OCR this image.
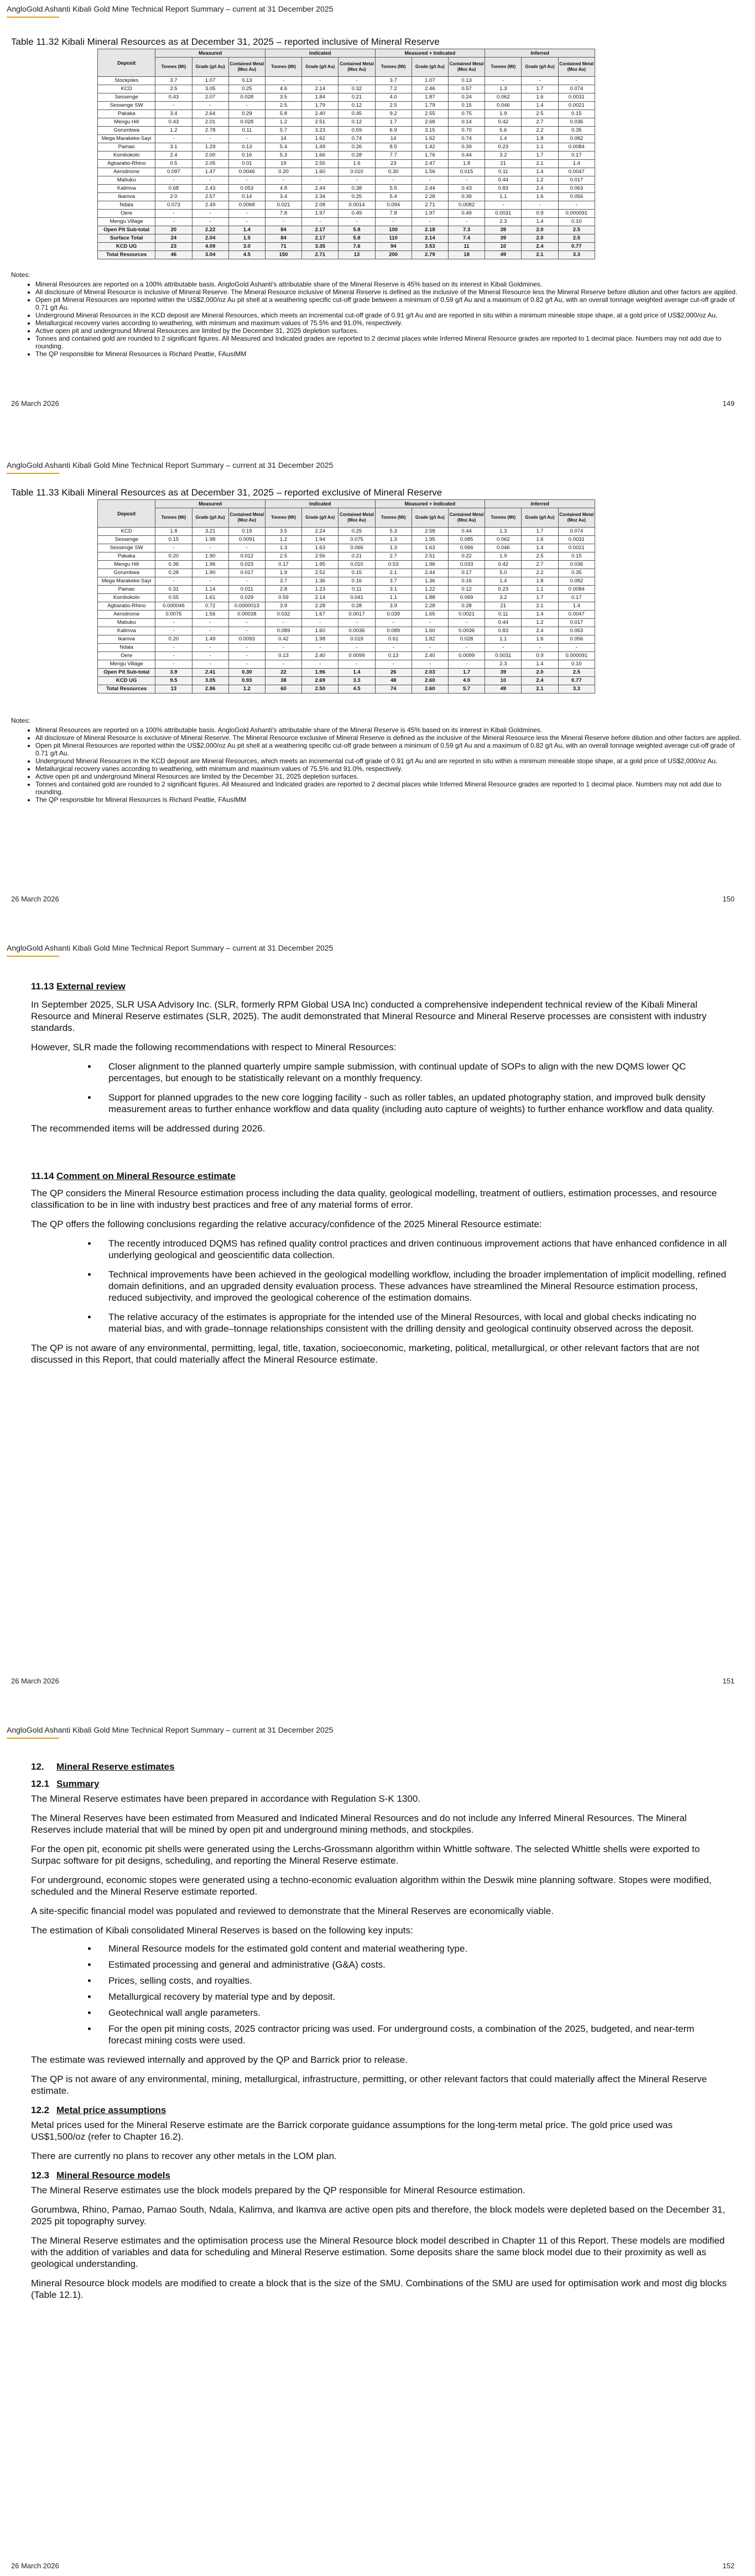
AngloGold Ashanti Kibali Gold Mine Technical Report Summary – current at 31 December 2025
Table 11.32 Kibali Mineral Resources as at December 31, 2025 – reported inclusive of Mineral Reserve
Deposit	Measured			Indicated			Measured + Indicated			Inferred		
	Tonnes (Mt)	Grade (g/t Au)	Contained Metal (Moz Au)	Tonnes (Mt)	Grade (g/t Au)	Contained Metal (Moz Au)	Tonnes (Mt)	Grade (g/t Au)	Contained Metal (Moz Au)	Tonnes (Mt)	Grade (g/t Au)	Contained Metal (Moz Au)
Stockpiles	3.7	1.07	0.13	-	-	-	3.7	1.07	0.13	-	-	-
KCD	2.5	3.05	0.25	4.6	2.14	0.32	7.2	2.46	0.57	1.3	1.7	0.074
Sessenge	0.43	2.07	0.028	3.5	1.84	0.21	4.0	1.87	0.24	0.062	1.6	0.0031
Sessenge SW	-	-	-	2.5	1.79	0.12	2.5	1.79	0.15	0.046	1.4	0.0021
Pakaka	3.4	2.64	0.29	5.8	2.40	0.45	9.2	2.55	0.75	1.9	2.5	0.15
Mengu Hill	0.43	2.01	0.028	1.2	2.51	0.12	1.7	2.68	0.14	0.42	2.7	0.036
Gorumbwa	1.2	2.78	0.11	5.7	3.23	0.59	6.9	3.15	0.70	5.6	2.2	0.35
Mega Marakeke-Sayi	-	-	-	14	1.62	0.74	14	1.62	0.74	1.4	1.8	0.082
Pamao	3.1	1.29	0.13	5.4	1.49	0.26	8.5	1.42	0.39	0.23	1.1	0.0084
Kombokolo	2.4	2.00	0.16	5.3	1.66	0.28	7.7	1.76	0.44	3.2	1.7	0.17
Agbarabo-Rhino	0.5	2.05	0.01	19	2.55	1.6	23	2.47	1.8	21	2.1	1.4
Aerodrome	0.097	1.47	0.0046	0.20	1.60	0.010	0.30	1.56	0.015	0.11	1.4	0.0047
Mabuku	-	-	-	-	-	-	-	-	-	0.44	1.2	0.017
Kalimva	0.68	2.43	0.053	4.8	2.44	0.38	5.5	2.44	0.43	0.83	2.4	0.063
Ikamva	2.0	2.57	0.14	3.4	2.34	0.25	5.4	2.28	0.39	1.1	1.6	0.056
Ndala	0.073	2.49	0.0068	0.021	2.08	0.0014	0.094	2.71	0.0082	-	-	-
Oere	-	-	-	7.8	1.97	0.49	7.8	1.97	0.49	0.0031	0.9	0.000091
Mengu Village	-	-	-	-	-	-	-	-	-	2.3	1.4	0.10
Open Pit Sub-total	20	2.22	1.4	84	2.17	5.8	100	2.18	7.3	39	2.0	2.5
Surface Total	24	2.04	1.5	84	2.17	5.8	110	2.14	7.4	39	2.0	2.5
KCD UG	23	4.09	3.0	71	3.35	7.6	94	3.53	11	10	2.4	0.77
Total Resources	46	3.04	4.5	150	2.71	13	200	2.79	18	49	2.1	3.3
Notes:
• Mineral Resources are reported on a 100% attributable basis. AngloGold Ashanti's attributable share of the Mineral Reserve is 45% based on its interest in Kibali Goldmines.
• All disclosure of Mineral Resource is inclusive of Mineral Reserve. The Mineral Resource inclusive of Mineral Reserve is defined as the inclusive of the Mineral Resource less the Mineral Reserve before dilution and other factors are applied.
• Open pit Mineral Resources are reported within the US$2,000/oz Au pit shell at a weathering specific cut-off grade between a minimum of 0.59 g/t Au and a maximum of 0.82 g/t Au, with an overall tonnage weighted average cut-off grade of 0.71 g/t Au.
• Underground Mineral Resources in the KCD deposit are Mineral Resources, which meets an incremental cut-off grade of 0.91 g/t Au and are reported in situ within a minimum mineable stope shape, at a gold price of US$2,000/oz Au.
• Metallurgical recovery varies according to weathering, with minimum and maximum values of 75.5% and 91.0%, respectively.
• Active open pit and underground Mineral Resources are limited by the December 31, 2025 depletion surfaces.
• Tonnes and contained gold are rounded to 2 significant figures. All Measured and Indicated grades are reported to 2 decimal places while Inferred Mineral Resource grades are reported to 1 decimal place. Numbers may not add due to rounding.
• The QP responsible for Mineral Resources is Richard Peattie, FAusIMM
26 March 2026	149
AngloGold Ashanti Kibali Gold Mine Technical Report Summary – current at 31 December 2025
Table 11.33 Kibali Mineral Resources as at December 31, 2025 – reported exclusive of Mineral Reserve
Deposit	Measured			Indicated			Measured + Indicated			Inferred		
	Tonnes (Mt)	Grade (g/t Au)	Contained Metal (Moz Au)	Tonnes (Mt)	Grade (g/t Au)	Contained Metal (Moz Au)	Tonnes (Mt)	Grade (g/t Au)	Contained Metal (Moz Au)	Tonnes (Mt)	Grade (g/t Au)	Contained Metal (Moz Au)
KCD	1.8	3.21	0.19	3.5	2.24	0.25	5.3	2.58	0.44	1.3	1.7	0.074
Sessenge	0.15	1.98	0.0091	1.2	1.94	0.075	1.3	1.95	0.085	0.062	1.6	0.0031
Sessenge SW	-	-	-	1.3	1.63	0.066	1.3	1.63	0.066	0.046	1.4	0.0021
Pakaka	0.20	1.90	0.012	2.5	2.56	0.21	2.7	2.51	0.22	1.9	2.5	0.15
Mengu Hill	0.36	1.96	0.023	0.17	1.95	0.010	0.53	1.96	0.033	0.42	2.7	0.036
Gorumbwa	0.28	1.90	0.017	1.9	2.52	0.15	2.1	2.44	0.17	5.0	2.2	0.35
Mega Marakeke-Sayi	-	-	-	3.7	1.36	0.16	3.7	1.36	0.16	1.4	1.8	0.082
Pamao	0.31	1.14	0.011	2.8	1.23	0.11	3.1	1.22	0.12	0.23	1.1	0.0084
Kombokolo	0.55	1.61	0.029	0.59	2.14	0.041	1.1	1.88	0.069	3.2	1.7	0.17
Agbarabo-Rhino	0.000046	0.72	0.0000013	3.9	2.28	0.28	3.9	2.28	0.28	21	2.1	1.4
Aerodrome	0.0075	1.56	0.00038	0.032	1.67	0.0017	0.039	1.65	0.0021	0.11	1.4	0.0047
Mabuku	-	-	-	-	-	-	-	-	-	0.44	1.2	0.017
Kalimva	-	-	-	0.089	1.60	0.0036	0.089	1.60	0.0036	0.83	2.4	0.063
Ikamva	0.20	1.49	0.0093	0.42	1.98	0.019	0.61	1.82	0.028	1.1	1.6	0.056
Ndala	-	-	-	-	-	-	-	-	-	-	-	-
Oere	-	-	-	0.13	2.40	0.0099	0.13	2.40	0.0099	0.0031	0.9	0.000091
Mengu Village	-	-	-	-	-	-	-	-	-	2.3	1.4	0.10
Open Pit Sub-total	3.9	2.41	0.30	22	1.96	1.4	26	2.03	1.7	39	2.0	2.5
KCD UG	9.5	3.05	0.93	38	2.69	3.3	48	2.60	4.0	10	2.4	0.77
Total Resources	13	2.86	1.2	60	2.50	4.5	74	2.60	5.7	49	2.1	3.3
Notes:
• Mineral Resources are reported on a 100% attributable basis. AngloGold Ashanti's attributable share of the Mineral Reserve is 45% based on its interest in Kibali Goldmines.
• All disclosure of Mineral Resource is exclusive of Mineral Reserve. The Mineral Resource exclusive of Mineral Reserve is defined as the inclusive of the Mineral Resource less the Mineral Reserve before dilution and other factors are applied.
• Open pit Mineral Resources are reported within the US$2,000/oz Au pit shell at a weathering specific cut-off grade between a minimum of 0.59 g/t Au and a maximum of 0.82 g/t Au, with an overall tonnage weighted average cut-off grade of 0.71 g/t Au.
• Underground Mineral Resources in the KCD deposit are Mineral Resources, which meets an incremental cut-off grade of 0.91 g/t Au and are reported in situ within a minimum mineable stope shape, at a gold price of US$2,000/oz Au.
• Metallurgical recovery varies according to weathering, with minimum and maximum values of 75.5% and 91.0%, respectively.
• Active open pit and underground Mineral Resources are limited by the December 31, 2025 depletion surfaces.
• Tonnes and contained gold are rounded to 2 significant figures. All Measured and Indicated grades are reported to 2 decimal places while Inferred Mineral Resource grades are reported to 1 decimal place. Numbers may not add due to rounding.
• The QP responsible for Mineral Resources is Richard Peattie, FAusIMM
26 March 2026	150
AngloGold Ashanti Kibali Gold Mine Technical Report Summary – current at 31 December 2025

11.13 External review

In September 2025, SLR USA Advisory Inc. (SLR, formerly RPM Global USA Inc) conducted a comprehensive independent technical review of the Kibali Mineral Resource and Mineral Reserve estimates (SLR, 2025). The audit demonstrated that Mineral Resource and Mineral Reserve processes are consistent with industry standards.

However, SLR made the following recommendations with respect to Mineral Resources:

• Closer alignment to the planned quarterly umpire sample submission, with continual update of SOPs to align with the new DQMS lower QC percentages, but enough to be statistically relevant on a monthly frequency.
• Support for planned upgrades to the new core logging facility - such as roller tables, an updated photography station, and improved bulk density measurement areas to further enhance workflow and data quality (including auto capture of weights) to further enhance workflow and data quality.

The recommended items will be addressed during 2026.

11.14 Comment on Mineral Resource estimate

The QP considers the Mineral Resource estimation process including the data quality, geological modelling, treatment of outliers, estimation processes, and resource classification to be in line with industry best practices and free of any material forms of error.

The QP offers the following conclusions regarding the relative accuracy/confidence of the 2025 Mineral Resource estimate:

• The recently introduced DQMS has refined quality control practices and driven continuous improvement actions that have enhanced confidence in all underlying geological and geoscientific data collection.
• Technical improvements have been achieved in the geological modelling workflow, including the broader implementation of implicit modelling, refined domain definitions, and an upgraded density evaluation process. These advances have streamlined the Mineral Resource estimation process, reduced subjectivity, and improved the geological coherence of the estimation domains.
• The relative accuracy of the estimates is appropriate for the intended use of the Mineral Resources, with local and global checks indicating no material bias, and with grade–tonnage relationships consistent with the drilling density and geological continuity observed across the deposit.

The QP is not aware of any environmental, permitting, legal, title, taxation, socioeconomic, marketing, political, metallurgical, or other relevant factors that are not discussed in this Report, that could materially affect the Mineral Resource estimate.

26 March 2026	151
AngloGold Ashanti Kibali Gold Mine Technical Report Summary – current at 31 December 2025

12. Mineral Reserve estimates

12.1 Summary

The Mineral Reserve estimates have been prepared in accordance with Regulation S-K 1300.

The Mineral Reserves have been estimated from Measured and Indicated Mineral Resources and do not include any Inferred Mineral Resources. The Mineral Reserves include material that will be mined by open pit and underground mining methods, and stockpiles.

For the open pit, economic pit shells were generated using the Lerchs-Grossmann algorithm within Whittle software. The selected Whittle shells were exported to Surpac software for pit designs, scheduling, and reporting the Mineral Reserve estimate.

For underground, economic stopes were generated using a techno-economic evaluation algorithm within the Deswik mine planning software. Stopes were modified, scheduled and the Mineral Reserve estimate reported.

A site-specific financial model was populated and reviewed to demonstrate that the Mineral Reserves are economically viable.

The estimation of Kibali consolidated Mineral Reserves is based on the following key inputs:

• Mineral Resource models for the estimated gold content and material weathering type.
• Estimated processing and general and administrative (G&A) costs.
• Prices, selling costs, and royalties.
• Metallurgical recovery by material type and by deposit.
• Geotechnical wall angle parameters.
• For the open pit mining costs, 2025 contractor pricing was used. For underground costs, a combination of the 2025, budgeted, and near-term forecast mining costs were used.

The estimate was reviewed internally and approved by the QP and Barrick prior to release.

The QP is not aware of any environmental, mining, metallurgical, infrastructure, permitting, or other relevant factors that could materially affect the Mineral Reserve estimate.

12.2 Metal price assumptions

Metal prices used for the Mineral Reserve estimate are the Barrick corporate guidance assumptions for the long-term metal price. The gold price used was US$1,500/oz (refer to Chapter 16.2).

There are currently no plans to recover any other metals in the LOM plan.

12.3 Mineral Resource models

The Mineral Reserve estimates use the block models prepared by the QP responsible for Mineral Resource estimation.

Gorumbwa, Rhino, Pamao, Pamao South, Ndala, Kalimva, and Ikamva are active open pits and therefore, the block models were depleted based on the December 31, 2025 pit topography survey.

The Mineral Reserve estimates and the optimisation process use the Mineral Resource block model described in Chapter 11 of this Report. These models are modified with the addition of variables and data for scheduling and Mineral Reserve estimation. Some deposits share the same block model due to their proximity as well as geological understanding.

Mineral Resource block models are modified to create a block that is the size of the SMU. Combinations of the SMU are used for optimisation work and most dig blocks (Table 12.1).

26 March 2026	152
